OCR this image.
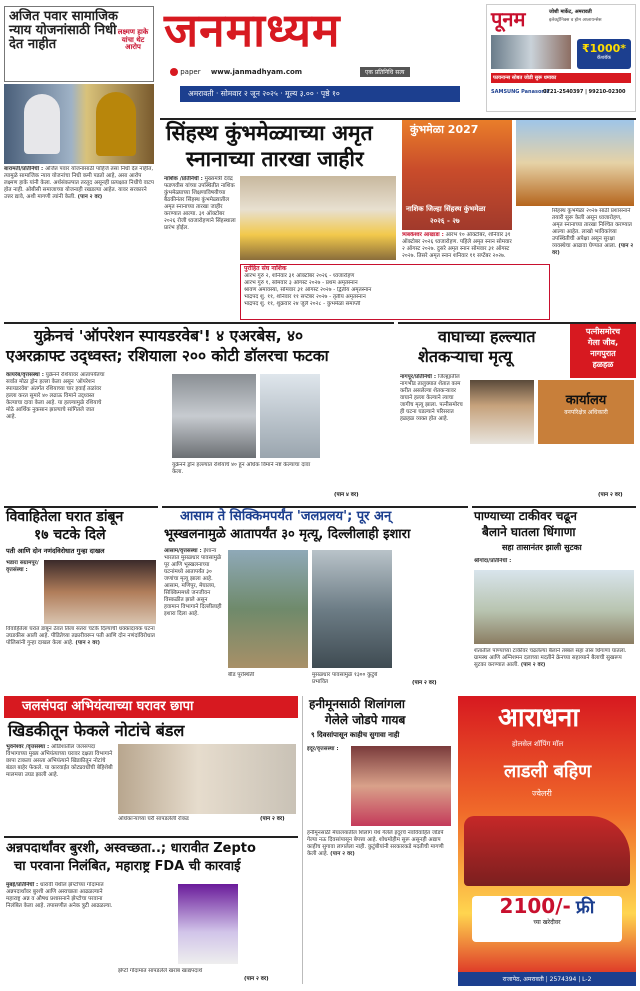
अजित पवार सामाजिक न्याय योजनांसाठी निधी देत नाहीत
लक्ष्मण हाके यांचा थेट आरोप जनमाध्यम
paper www.janmadhyam.com	एक प्रतिनिधि सत्य
अमरावती · सोमवार २ जून २०२५ · मूल्य ३.०० · पृष्ठे १०
पूनम	जोशी मार्केट, अमरावती
इलेक्ट्रॉनिक्स व होम अप्लायन्सेस
₹1000*
कॅशबॅक
फायनान्स सोबत जोडी सुरू धमाका
SAMSUNG Panasonic
0721-2540397 | 99210-02300
बारामती/प्रतिनिधी : अजित पवार योजनांसाठी पाहिजे तसा निधी देत नाहीत, त्यामुळे सामाजिक न्याय योजनांचा निधी कमी पडतो आहे, असा आरोप लक्ष्मण हाके यांनी केला. अर्थसंकल्पात तरतूद असूनही प्रत्यक्षात निधीचे वाटप होत नाही. ओबीसी समाजाच्या योजनाही रखडल्या आहेत. यावर सरकारने उत्तर द्यावे, अशी मागणी त्यांनी केली. (पान २ वर)
सिंहस्थ कुंभमेळ्याच्या अमृत
स्नानाच्या तारखा जाहीर
नाशिक /प्रतिनिधी : मुख्यमंत्री देवेंद्र फडणवीस यांच्या उपस्थितीत नाशिक कुंभमेळ्याच्या शिक्षणाविषयीच्या बैठकीनंतर सिंहस्थ कुंभमेळ्यातील अमृत स्नानाच्या तारखा जाहीर करण्यात आल्या. ३१ ऑक्टोबर २०२६ रोजी ध्वजारोहणाने सिंहस्थाला प्रारंभ होईल.
कुंभमेळा 2027
नाशिक जिल्हा सिंहस्थ कुंभमेळा
त्र्यंबकेश्वर आखाडा : आरंभ १० ऑक्टोबर, शनिवार ३१ ऑक्टोबर २०२६ ध्वजारोहण. पहिले अमृत स्नान सोमवार २ ऑगस्ट २०२७. दुसरे अमृत स्नान सोमवार ३१ ऑगस्ट २०२७. तिसरे अमृत स्नान शनिवार ११ सप्टेंबर २०२७.
२०२६ - २७
सिंहस्थ कुंभमेळा २०२७ साठी प्रशासनाने तयारी सुरू केली असून ध्वजारोहण, अमृत स्नानाच्या तारखा निश्चित करण्यात आल्या आहेत. लाखो भाविकांच्या उपस्थितीची अपेक्षा असून सुरक्षा व्यवस्थेचा आढावा घेण्यात आला. (पान २ वर)
पुरोहित संघ नाशिक
आरंभ गुरु २, शनिवार ३१ ऑक्टोबर २०२६ - ध्वजारोहण
आरंभ गुरु १, सोमवार ३ ऑगस्ट २०२७ - प्रथम अमृतस्नान
श्रावण अमावस्या, सोमवार ३१ ऑगस्ट २०२७ - द्वितीय अमृतस्नान
भाद्रपद शु. ११, शनिवार ११ सप्टेंबर २०२७ - तृतीय अमृतस्नान
भाद्रपद शु. ११, शुक्रवार २४ जुलै २०२८ - कुंभमेळा समाप्ती
युक्रेनचं 'ऑपरेशन स्पायडरवेब'! ४ एअरबेस, ४०
एअरक्राफ्ट उद्ध्वस्त; रशियाला २०० कोटी डॉलरचा फटका
कायरेब/वृत्तसंस्था : युक्रेनने रशियावर आतापर्यंतचा सर्वात मोठा ड्रोन हल्ला केला असून 'ऑपरेशन स्पायडरवेब' अंतर्गत रशियाच्या चार हवाई तळांवर हल्ला करत सुमारे ४० लढाऊ विमाने उद्ध्वस्त केल्याचा दावा केला आहे. या हल्ल्यामुळे रशियाचे मोठे आर्थिक नुकसान झाल्याचे सांगितले जात आहे.
युक्रेनने ड्रोन हल्ल्यात रशियाचे ४० हून अधिक विमाने नष्ट केल्याचा दावा केला.
(पान ४ वर)
वाघाच्या हल्ल्यात
शेतकऱ्याचा मृत्यू
पत्नीसमोरच
गेला जीव,
नागपुरात
हळहळ
नागपूर/प्रतिनिधी : जिल्ह्यातील नागभीड तालुक्यात शेतात काम करीत असलेल्या शेतकऱ्यावर वाघाने हल्ला केल्याने त्याचा जागीच मृत्यू झाला. पत्नीसमोरच ही घटना घडल्याने परिसरात हळहळ व्यक्त होत आहे.
कार्यालय
वनपरिक्षेत्र अधिकारी
(पान २ वर)
विवाहितेला घरात डांबून
१७ चटके दिले
पती आणि दोन नणंदविरोधात गुन्हा दाखल
भंडारा संग्रामपूर/वृत्तसंस्था :
विवाहितेला घरात डांबून ठेवत तिला सतरा चटके दिल्याची धक्कादायक घटना उघडकीस आली आहे. पीडितेच्या तक्रारीवरून पती आणि दोन नणंदांविरोधात पोलिसांनी गुन्हा दाखल केला आहे. (पान २ वर)
आसाम ते सिक्किमपर्यंत 'जलप्रलय'; पूर अन्
भूस्खलनामुळे आतापर्यंत ३० मृत्यू, दिल्लीलाही इशारा
आसाम/वृत्तसंस्था : ईशान्य भारतात मुसळधार पावसामुळे पूर आणि भूस्खलनाच्या घटनांमध्ये आतापर्यंत ३० जणांचा मृत्यू झाला आहे. आसाम, मणिपूर, मेघालय, सिक्किममध्ये जनजीवन विस्कळीत झाले असून हवामान विभागाने दिल्लीलाही इशारा दिला आहे.
बीड पूरस्थिती	मुसळधार पावसामुळे १३०० कुटुंबे प्रभावित	(पान २ वर)
पाण्याच्या टाकीवर चढून
बैलाने घातला धिंगाणा
सहा तासानंतर झाली सुटका
श्रीगोंदा/प्रतिनिधी :
शेतातील पाण्याच्या टाकीवर चढलेल्या बैलाने तब्बल सहा तास धिंगाणा घातला. ग्रामस्थ आणि अग्निशमन दलाच्या मदतीने क्रेनच्या सहाय्याने बैलाची सुखरूप सुटका करण्यात आली. (पान २ वर)
जलसंपदा अभियंत्याच्या घरावर छापा
खिडकीतून फेकले नोटांचे बंडल
भुवनेश्वर /वृत्तसंस्था : ओडिशातील जलसंपदा विभागाच्या मुख्य अभियंत्याच्या घरावर दक्षता विभागाने छापा टाकला असता अभियंत्याने खिडकीतून नोटांचे बंडल बाहेर फेकले. या कारवाईत कोट्यवधींची बेहिशेबी मालमत्ता उघड झाली आहे.
अधिकाऱ्याच्या घरी सापडलेली रोकड	(पान २ वर)
हनीमूनसाठी शिलांगला
गेलेले जोडपे गायब
९ दिवसांपासून काहीच सुगावा नाही
इंदूर/वृत्तसंस्था :
हनीमूनसाठी मेघालयातील शिलांग येथे गेलेले इंदूरचे नवविवाहित जोडपे गेल्या नऊ दिवसांपासून बेपत्ता आहे. शोधमोहीम सुरू असूनही अद्याप काहीच सुगावा लागलेला नाही. कुटुंबीयांनी सरकारकडे मदतीची मागणी केली आहे. (पान २ वर)
अन्नपदार्थांवर बुरशी, अस्वच्छता..; धारावीत Zepto
चा परवाना निलंबित, महाराष्ट्र FDA ची कारवाई
मुंबई/प्रतिनिधी : धारावी येथील झेप्टोच्या गोदामात अन्नपदार्थांवर बुरशी आणि अस्वच्छता आढळल्याने महाराष्ट्र अन्न व औषध प्रशासनाने झेप्टोचा परवाना निलंबित केला आहे. तपासणीत अनेक त्रुटी आढळल्या.
झेप्टो गोदामात सापडलेले खराब खाद्यपदार्थ
(पान २ वर)
आराधना
होलसेल शॉपिंग मॉल
लाडली बहिण
ज्वेलरी
2100/- फ्री
च्या खरेदीवर
राजापेठ, अमरावती | 2574394 | L-2
